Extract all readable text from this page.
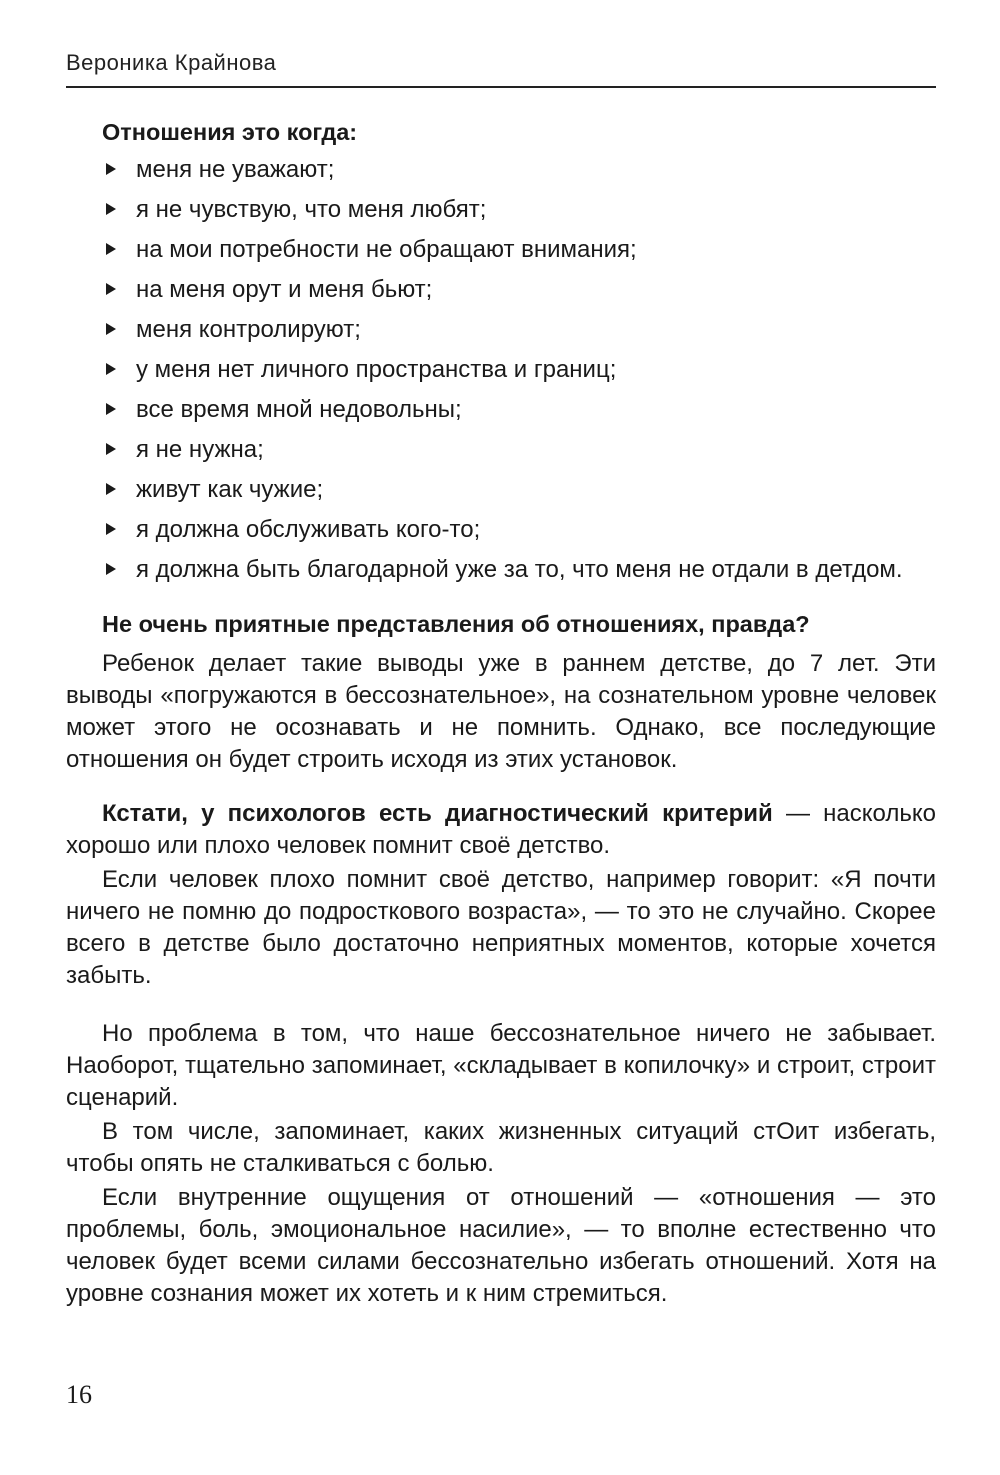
Вероника Крайнова
Отношения это когда:
меня не уважают;
я не чувствую, что меня любят;
на мои потребности не обращают внимания;
на меня орут и меня бьют;
меня контролируют;
у меня нет личного пространства и границ;
все время мной недовольны;
я не нужна;
живут как чужие;
я должна обслуживать кого-то;
я должна быть благодарной уже за то, что меня не отдали в детдом.
Не очень приятные представления об отношениях, правда?

Ребенок делает такие выводы уже в раннем детстве, до 7 лет. Эти выводы «погружаются в бессознательное», на сознательном уровне человек может этого не осознавать и не помнить. Однако, все последующие отношения он будет строить исходя из этих установок.

Кстати, у психологов есть диагностический критерий — насколько хорошо или плохо человек помнит своё детство.

Если человек плохо помнит своё детство, например говорит: «Я почти ничего не помню до подросткового возраста», — то это не случайно. Скорее всего в детстве было достаточно неприятных моментов, которые хочется забыть.

Но проблема в том, что наше бессознательное ничего не забывает. Наоборот, тщательно запоминает, «складывает в копилочку» и строит, строит сценарий.

В том числе, запоминает, каких жизненных ситуаций стОит избегать, чтобы опять не сталкиваться с болью.

Если внутренние ощущения от отношений — «отношения — это проблемы, боль, эмоциональное насилие», — то вполне естественно что человек будет всеми силами бессознательно избегать отношений. Хотя на уровне сознания может их хотеть и к ним стремиться.

16
